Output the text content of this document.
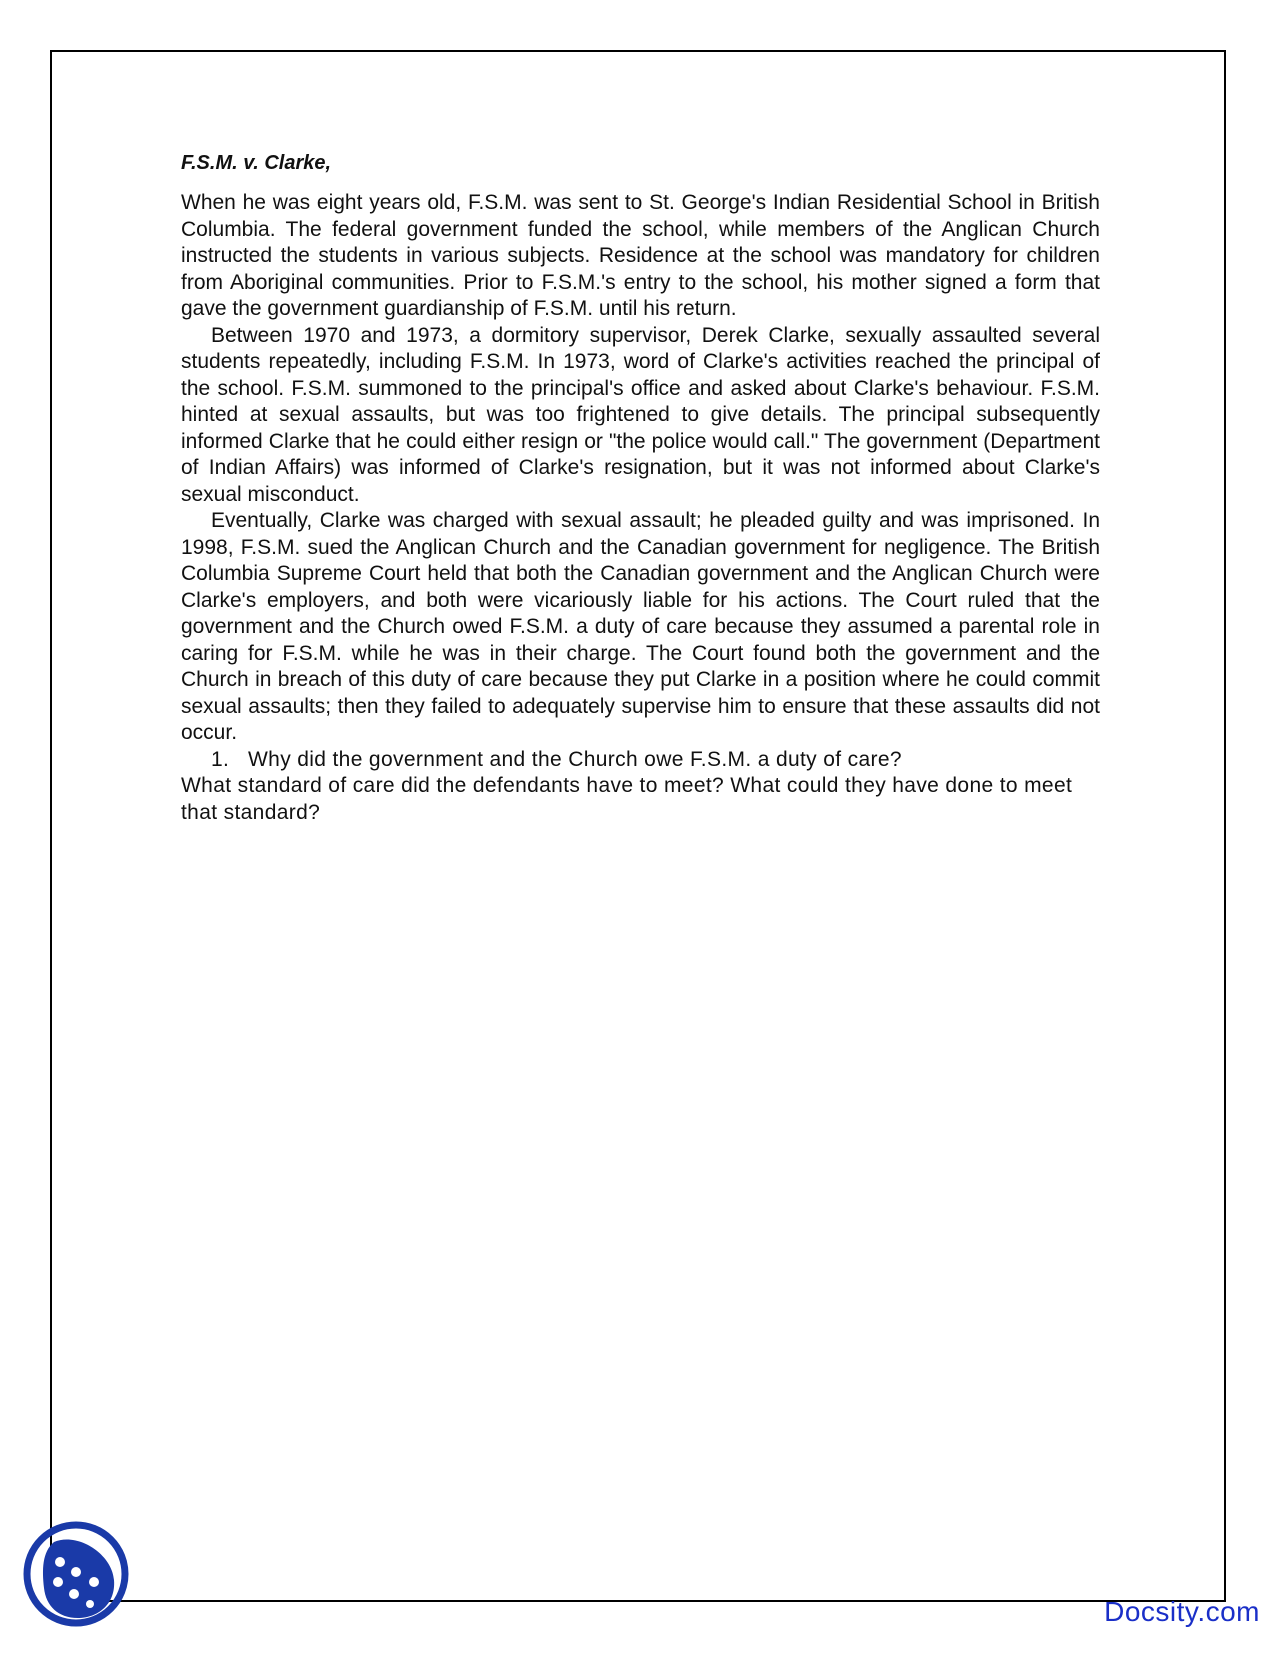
F.S.M. v. Clarke,

When he was eight years old, F.S.M. was sent to St. George's Indian Residential School in British Columbia. The federal government funded the school, while members of the Anglican Church instructed the students in various subjects. Residence at the school was mandatory for children from Aboriginal communities. Prior to F.S.M.'s entry to the school, his mother signed a form that gave the government guardianship of F.S.M. until his return.

Between 1970 and 1973, a dormitory supervisor, Derek Clarke, sexually assaulted several students repeatedly, including F.S.M. In 1973, word of Clarke's activities reached the principal of the school. F.S.M. summoned to the principal's office and asked about Clarke's behaviour. F.S.M. hinted at sexual assaults, but was too frightened to give details. The principal subsequently informed Clarke that he could either resign or "the police would call." The government (Department of Indian Affairs) was informed of Clarke's resignation, but it was not informed about Clarke's sexual misconduct.

Eventually, Clarke was charged with sexual assault; he pleaded guilty and was imprisoned. In 1998, F.S.M. sued the Anglican Church and the Canadian government for negligence. The British Columbia Supreme Court held that both the Canadian government and the Anglican Church were Clarke's employers, and both were vicariously liable for his actions. The Court ruled that the government and the Church owed F.S.M. a duty of care because they assumed a parental role in caring for F.S.M. while he was in their charge. The Court found both the government and the Church in breach of this duty of care because they put Clarke in a position where he could commit sexual assaults; then they failed to adequately supervise him to ensure that these assaults did not occur.

1. Why did the government and the Church owe F.S.M. a duty of care?
What standard of care did the defendants have to meet? What could they have done to meet that standard?
Docsity.com
